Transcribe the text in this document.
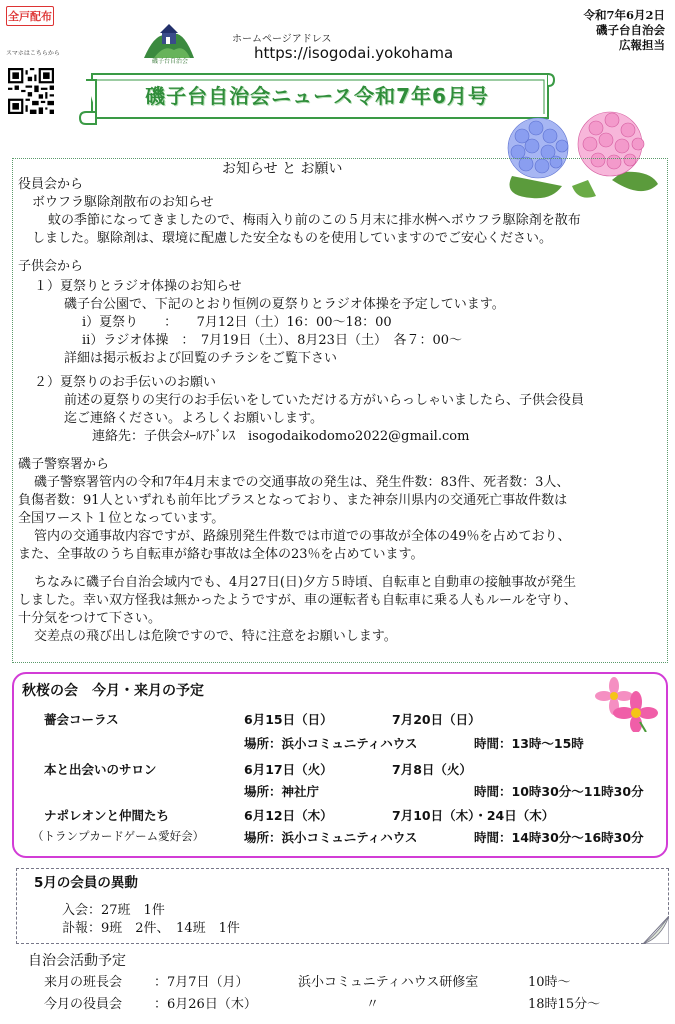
全戸配布
スマホはこちらから
磯子台自治会
ホームページアドレス
https://isogodai.yokohama
令和7年6月2日
磯子台自治会
広報担当
磯子台自治会ニュース令和7年6月号
お知らせ と お願い
役員会から
ボウフラ駆除剤散布のお知らせ
蚊の季節になってきましたので、梅雨入り前のこの５月末に排水桝へボウフラ駆除剤を散布
しました。駆除剤は、環境に配慮した安全なものを使用していますのでご安心ください。
子供会から
１）夏祭りとラジオ体操のお知らせ
磯子台公園で、下記のとおり恒例の夏祭りとラジオ体操を予定しています。
ⅰ）夏祭り　　：　　7月12日（土）16：00～18：00
ⅱ）ラジオ体操　：　7月19日（土）、8月23日（土）　各７：00～
詳細は掲示板および回覧のチラシをご覧下さい
２）夏祭りのお手伝いのお願い
前述の夏祭りの実行のお手伝いをしていただける方がいらっしゃいましたら、子供会役員
迄ご連絡ください。よろしくお願いします。
連絡先：子供会ﾒｰﾙｱﾄﾞﾚｽ　isogodaikodomo2022@gmail.com
磯子警察署から
磯子警察署管内の令和7年4月末までの交通事故の発生は、発生件数：83件、死者数：3人、
負傷者数：91人といずれも前年比プラスとなっており、また神奈川県内の交通死亡事故件数は
全国ワースト１位となっています。
管内の交通事故内容ですが、路線別発生件数では市道での事故が全体の49％を占めており、
また、全事故のうち自転車が絡む事故は全体の23％を占めています。
ちなみに磯子台自治会域内でも、4月27日(日)夕方５時頃、自転車と自動車の接触事故が発生
しました。幸い双方怪我は無かったようですが、車の運転者も自転車に乗る人もルールを守り、
十分気をつけて下さい。
交差点の飛び出しは危険ですので、特に注意をお願いします。
秋桜の会　今月・来月の予定
薔会コーラス	6月15日（日）	7月20日（日）
場所：浜小コミュニティハウス	時間：13時～15時
本と出会いのサロン	6月17日（火）	7月8日（火）
場所：神社庁	時間：10時30分～11時30分
ナポレオンと仲間たち
（トランプカードゲーム愛好会）
6月12日（木）	7月10日（木）・24日（木）
場所：浜小コミュニティハウス	時間：14時30分～16時30分
5月の会員の異動
入会：27班　1件
訃報：9班　2件、　14班　1件
自治会活動予定
来月の班長会 ：7月7日（月）	浜小コミュニティハウス研修室	10時～
今月の役員会 ：6月26日（木）	〃	18時15分～
